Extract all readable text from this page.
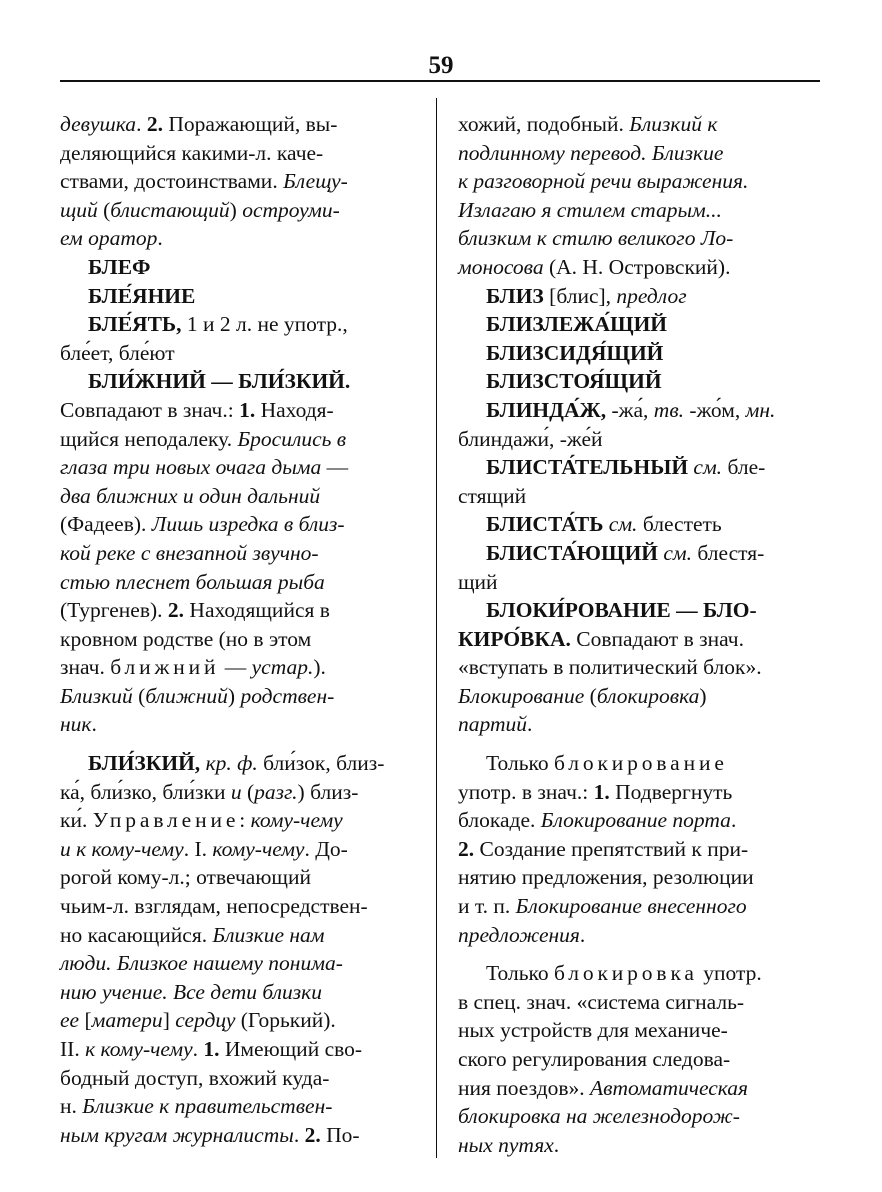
59
девушка. 2. Поражающий, вы-
деляющийся какими-л. каче-
ствами, достоинствами. Блещу-
щий (блистающий) остроуми-
ем оратор.
БЛЕФ
БЛЕ́ЯНИЕ
БЛЕ́ЯТЬ, 1 и 2 л. не употр.,
бле́ет, бле́ют
БЛИ́ЖНИЙ — БЛИ́ЗКИЙ.
Совпадают в знач.: 1. Находя-
щийся неподалеку. Бросились в
глаза три новых очага дыма —
два ближних и один дальний
(Фадеев). Лишь изредка в близ-
кой реке с внезапной звучно-
стью плеснет большая рыба
(Тургенев). 2. Находящийся в
кровном родстве (но в этом
знач. ближний — устар.).
Близкий (ближний) родствен-
ник.
БЛИ́ЗКИЙ, кр. ф. бли́зок, близ-
ка́, бли́зко, бли́зки и (разг.) близ-
ки́. Управление: кому-чему
и к кому-чему. I. кому-чему. До-
рогой кому-л.; отвечающий
чьим-л. взглядам, непосредствен-
но касающийся. Близкие нам
люди. Близкое нашему понима-
нию учение. Все дети близки
ее [матери] сердцу (Горький).
II. к кому-чему. 1. Имеющий сво-
бодный доступ, вхожий кудa-
н. Близкие к правительствен-
ным кругам журналисты. 2. По-
хожий, подобный. Близкий к
подлинному перевод. Близкие
к разговорной речи выражения.
Излагаю я стилем старым...
близким к стилю великого Ло-
моносова (А. Н. Островский).
БЛИЗ [блис], предлог
БЛИЗЛЕЖА́ЩИЙ
БЛИЗСИДЯ́ЩИЙ
БЛИЗСТОЯ́ЩИЙ
БЛИНДА́Ж, -жа́, тв. -жо́м, мн.
блиндажи́, -же́й
БЛИСТА́ТЕЛЬНЫЙ см. бле-
стящий
БЛИСТА́ТЬ см. блестеть
БЛИСТА́ЮЩИЙ см. блестя-
щий
БЛОКИ́РОВАНИЕ — БЛО-
КИРО́ВКА. Совпадают в знач.
«вступать в политический блок».
Блокирование (блокировка)
партий.
Только блокирование
употр. в знач.: 1. Подвергнуть
блокаде. Блокирование порта.
2. Создание препятствий к при-
нятию предложения, резолюции
и т. п. Блокирование внесенного
предложения.
Только блокировка употр.
в спец. знач. «система сигналь-
ных устройств для механиче-
ского регулирования следова-
ния поездов». Автоматическая
блокировка на железнодорож-
ных путях.
